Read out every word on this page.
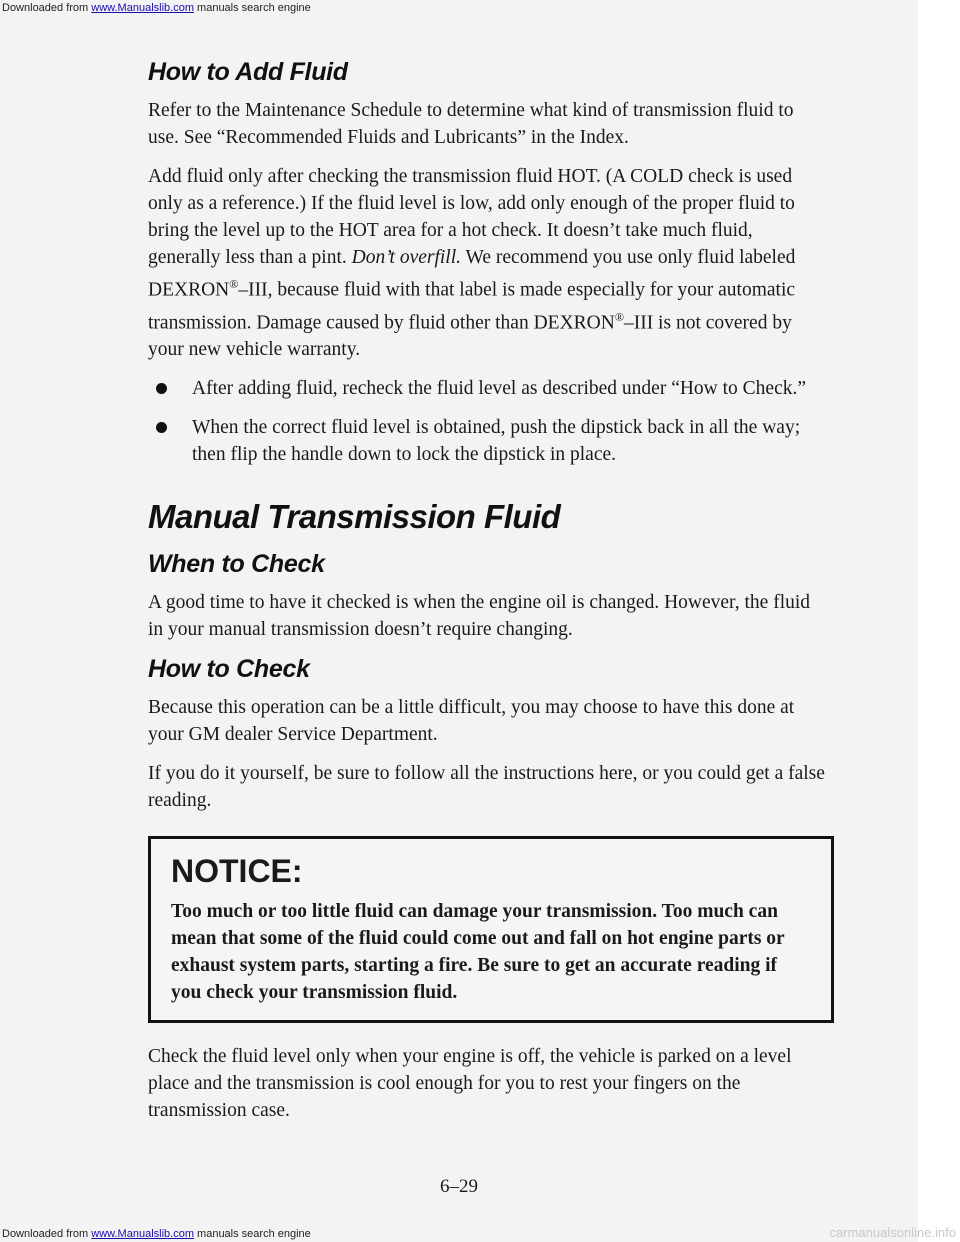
Downloaded from www.Manualslib.com manuals search engine
How to Add Fluid

Refer to the Maintenance Schedule to determine what kind of transmission fluid to use. See “Recommended Fluids and Lubricants” in the Index.

Add fluid only after checking the transmission fluid HOT. (A COLD check is used only as a reference.) If the fluid level is low, add only enough of the proper fluid to bring the level up to the HOT area for a hot check. It doesn’t take much fluid, generally less than a pint. Don’t overfill. We recommend you use only fluid labeled DEXRON®–III, because fluid with that label is made especially for your automatic transmission. Damage caused by fluid other than DEXRON®–III is not covered by your new vehicle warranty.

After adding fluid, recheck the fluid level as described under “How to Check.”
When the correct fluid level is obtained, push the dipstick back in all the way; then flip the handle down to lock the dipstick in place.
Manual Transmission Fluid
When to Check

A good time to have it checked is when the engine oil is changed. However, the fluid in your manual transmission doesn’t require changing.

How to Check

Because this operation can be a little difficult, you may choose to have this done at your GM dealer Service Department.

If you do it yourself, be sure to follow all the instructions here, or you could get a false reading.

NOTICE:
Too much or too little fluid can damage your transmission. Too much can mean that some of the fluid could come out and fall on hot engine parts or exhaust system parts, starting a fire. Be sure to get an accurate reading if you check your transmission fluid.

Check the fluid level only when your engine is off, the vehicle is parked on a level place and the transmission is cool enough for you to rest your fingers on the transmission case.

6–29
Downloaded from www.Manualslib.com manuals search engine	carmanualsonline.info
